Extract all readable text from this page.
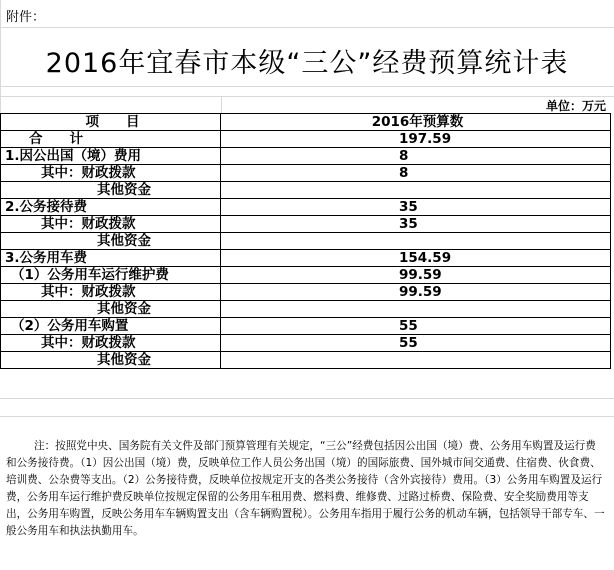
附件：
2016年宜春市本级“三公”经费预算统计表
单位：万元
项　　目	2016年预算数
合　　计	197.59
1.因公出国（境）费用	8
其中：财政拨款	8
其他资金	
2.公务接待费	35
其中：财政拨款	35
其他资金	
3.公务用车费	154.59
（1）公务用车运行维护费	99.59
其中：财政拨款	99.59
其他资金	
（2）公务用车购置	55
其中：财政拨款	55
其他资金	
注：按照党中央、国务院有关文件及部门预算管理有关规定，“三公”经费包括因公出国（境）费、公务用车购置及运行费和公务接待费。（1）因公出国（境）费，反映单位工作人员公务出国（境）的国际旅费、国外城市间交通费、住宿费、伙食费、培训费、公杂费等支出。（2）公务接待费，反映单位按规定开支的各类公务接待（含外宾接待）费用。（3）公务用车购置及运行费，公务用车运行维护费反映单位按规定保留的公务用车租用费、燃料费、维修费、过路过桥费、保险费、安全奖励费用等支出，公务用车购置，反映公务用车车辆购置支出（含车辆购置税）。公务用车指用于履行公务的机动车辆，包括领导干部专车、一般公务用车和执法执勤用车。
